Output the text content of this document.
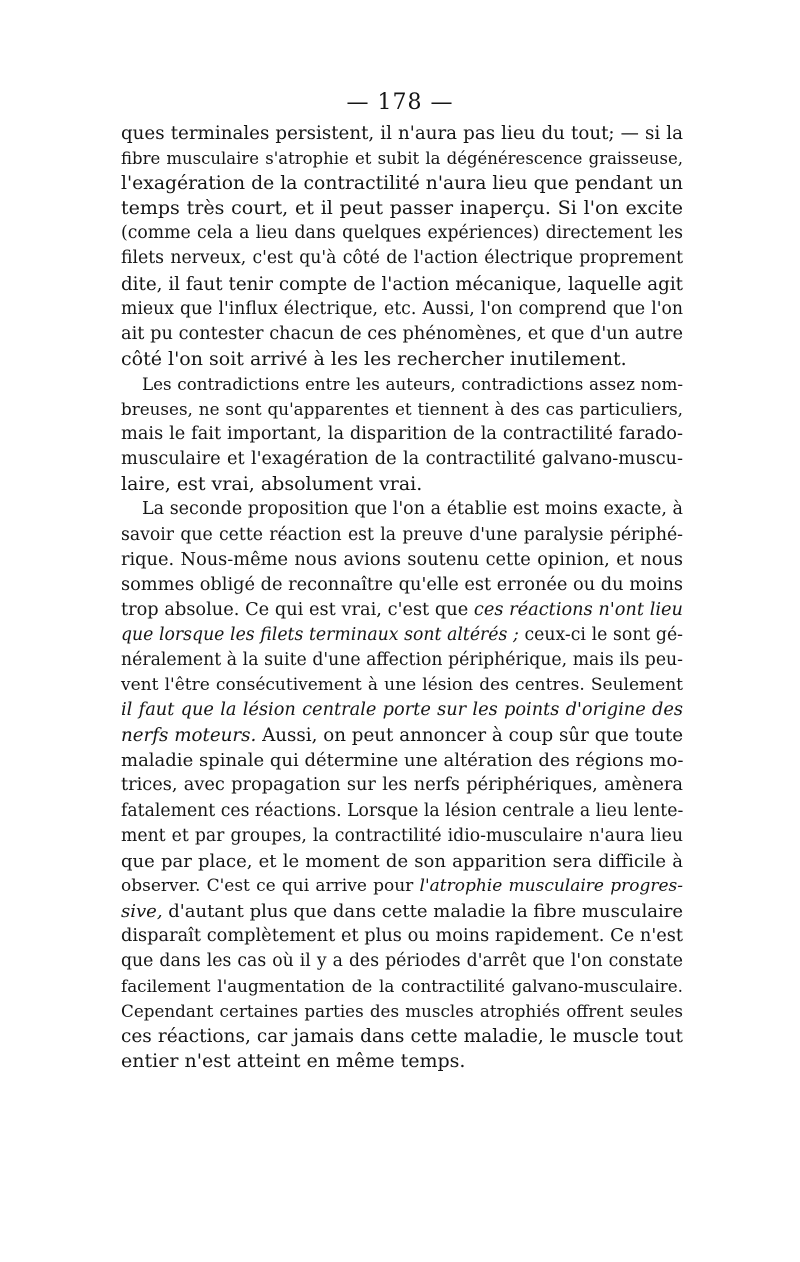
— 178 —
ques terminales persistent, il n'aura pas lieu du tout; — si la
fibre musculaire s'atrophie et subit la dégénérescence graisseuse,
l'exagération de la contractilité n'aura lieu que pendant un
temps très court, et il peut passer inaperçu. Si l'on excite
(comme cela a lieu dans quelques expériences) directement les
filets nerveux, c'est qu'à côté de l'action électrique proprement
dite, il faut tenir compte de l'action mécanique, laquelle agit
mieux que l'influx électrique, etc. Aussi, l'on comprend que l'on
ait pu contester chacun de ces phénomènes, et que d'un autre
côté l'on soit arrivé à les les rechercher inutilement.
Les contradictions entre les auteurs, contradictions assez nom-
breuses, ne sont qu'apparentes et tiennent à des cas particuliers,
mais le fait important, la disparition de la contractilité farado-
musculaire et l'exagération de la contractilité galvano-muscu-
laire, est vrai, absolument vrai.
La seconde proposition que l'on a établie est moins exacte, à
savoir que cette réaction est la preuve d'une paralysie périphé-
rique. Nous-même nous avions soutenu cette opinion, et nous
sommes obligé de reconnaître qu'elle est erronée ou du moins
trop absolue. Ce qui est vrai, c'est que ces réactions n'ont lieu
que lorsque les filets terminaux sont altérés ; ceux-ci le sont gé-
néralement à la suite d'une affection périphérique, mais ils peu-
vent l'être consécutivement à une lésion des centres. Seulement
il faut que la lésion centrale porte sur les points d'origine des
nerfs moteurs. Aussi, on peut annoncer à coup sûr que toute
maladie spinale qui détermine une altération des régions mo-
trices, avec propagation sur les nerfs périphériques, amènera
fatalement ces réactions. Lorsque la lésion centrale a lieu lente-
ment et par groupes, la contractilité idio-musculaire n'aura lieu
que par place, et le moment de son apparition sera difficile à
observer. C'est ce qui arrive pour l'atrophie musculaire progres-
sive, d'autant plus que dans cette maladie la fibre musculaire
disparaît complètement et plus ou moins rapidement. Ce n'est
que dans les cas où il y a des périodes d'arrêt que l'on constate
facilement l'augmentation de la contractilité galvano-musculaire.
Cependant certaines parties des muscles atrophiés offrent seules
ces réactions, car jamais dans cette maladie, le muscle tout
entier n'est atteint en même temps.
